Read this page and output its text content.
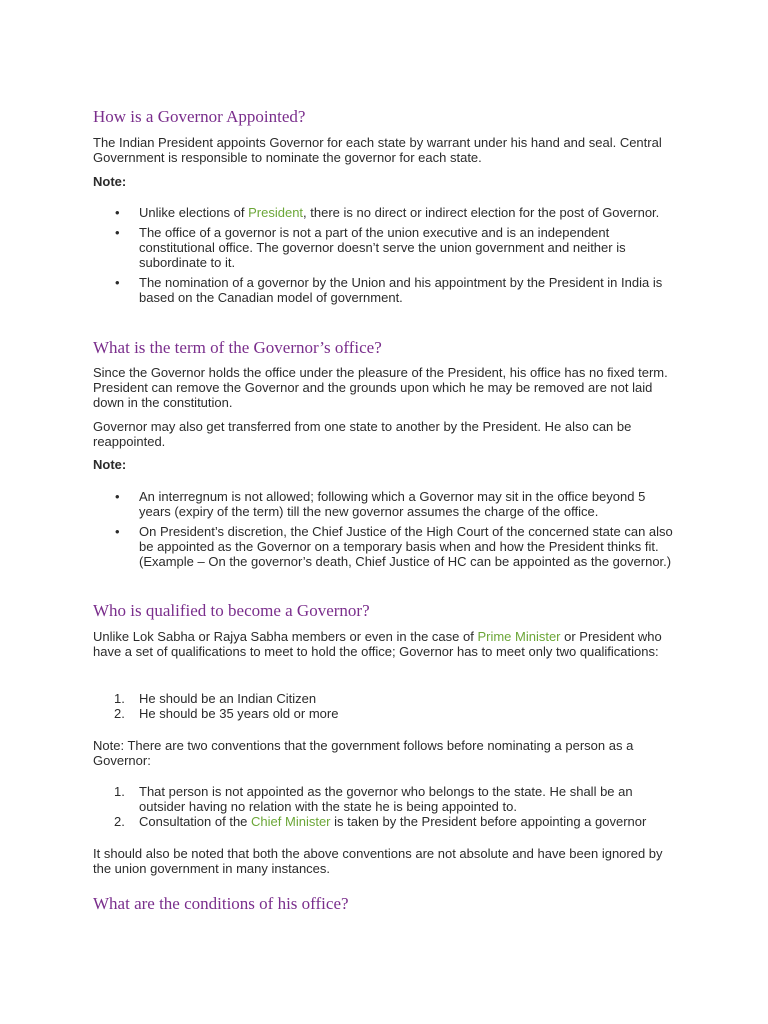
How is a Governor Appointed?

The Indian President appoints Governor for each state by warrant under his hand and seal. Central Government is responsible to nominate the governor for each state.

Note:

• Unlike elections of President, there is no direct or indirect election for the post of Governor.
• The office of a governor is not a part of the union executive and is an independent constitutional office. The governor doesn’t serve the union government and neither is subordinate to it.
• The nomination of a governor by the Union and his appointment by the President in India is based on the Canadian model of government.
What is the term of the Governor’s office?

Since the Governor holds the office under the pleasure of the President, his office has no fixed term. President can remove the Governor and the grounds upon which he may be removed are not laid down in the constitution.

Governor may also get transferred from one state to another by the President. He also can be reappointed.

Note:

• An interregnum is not allowed; following which a Governor may sit in the office beyond 5 years (expiry of the term) till the new governor assumes the charge of the office.
• On President’s discretion, the Chief Justice of the High Court of the concerned state can also be appointed as the Governor on a temporary basis when and how the President thinks fit. (Example – On the governor’s death, Chief Justice of HC can be appointed as the governor.)
Who is qualified to become a Governor?

Unlike Lok Sabha or Rajya Sabha members or even in the case of Prime Minister or President who have a set of qualifications to meet to hold the office; Governor has to meet only two qualifications:

1. He should be an Indian Citizen
2. He should be 35 years old or more

Note: There are two conventions that the government follows before nominating a person as a Governor:

1. That person is not appointed as the governor who belongs to the state. He shall be an outsider having no relation with the state he is being appointed to.
2. Consultation of the Chief Minister is taken by the President before appointing a governor

It should also be noted that both the above conventions are not absolute and have been ignored by the union government in many instances.

What are the conditions of his office?
